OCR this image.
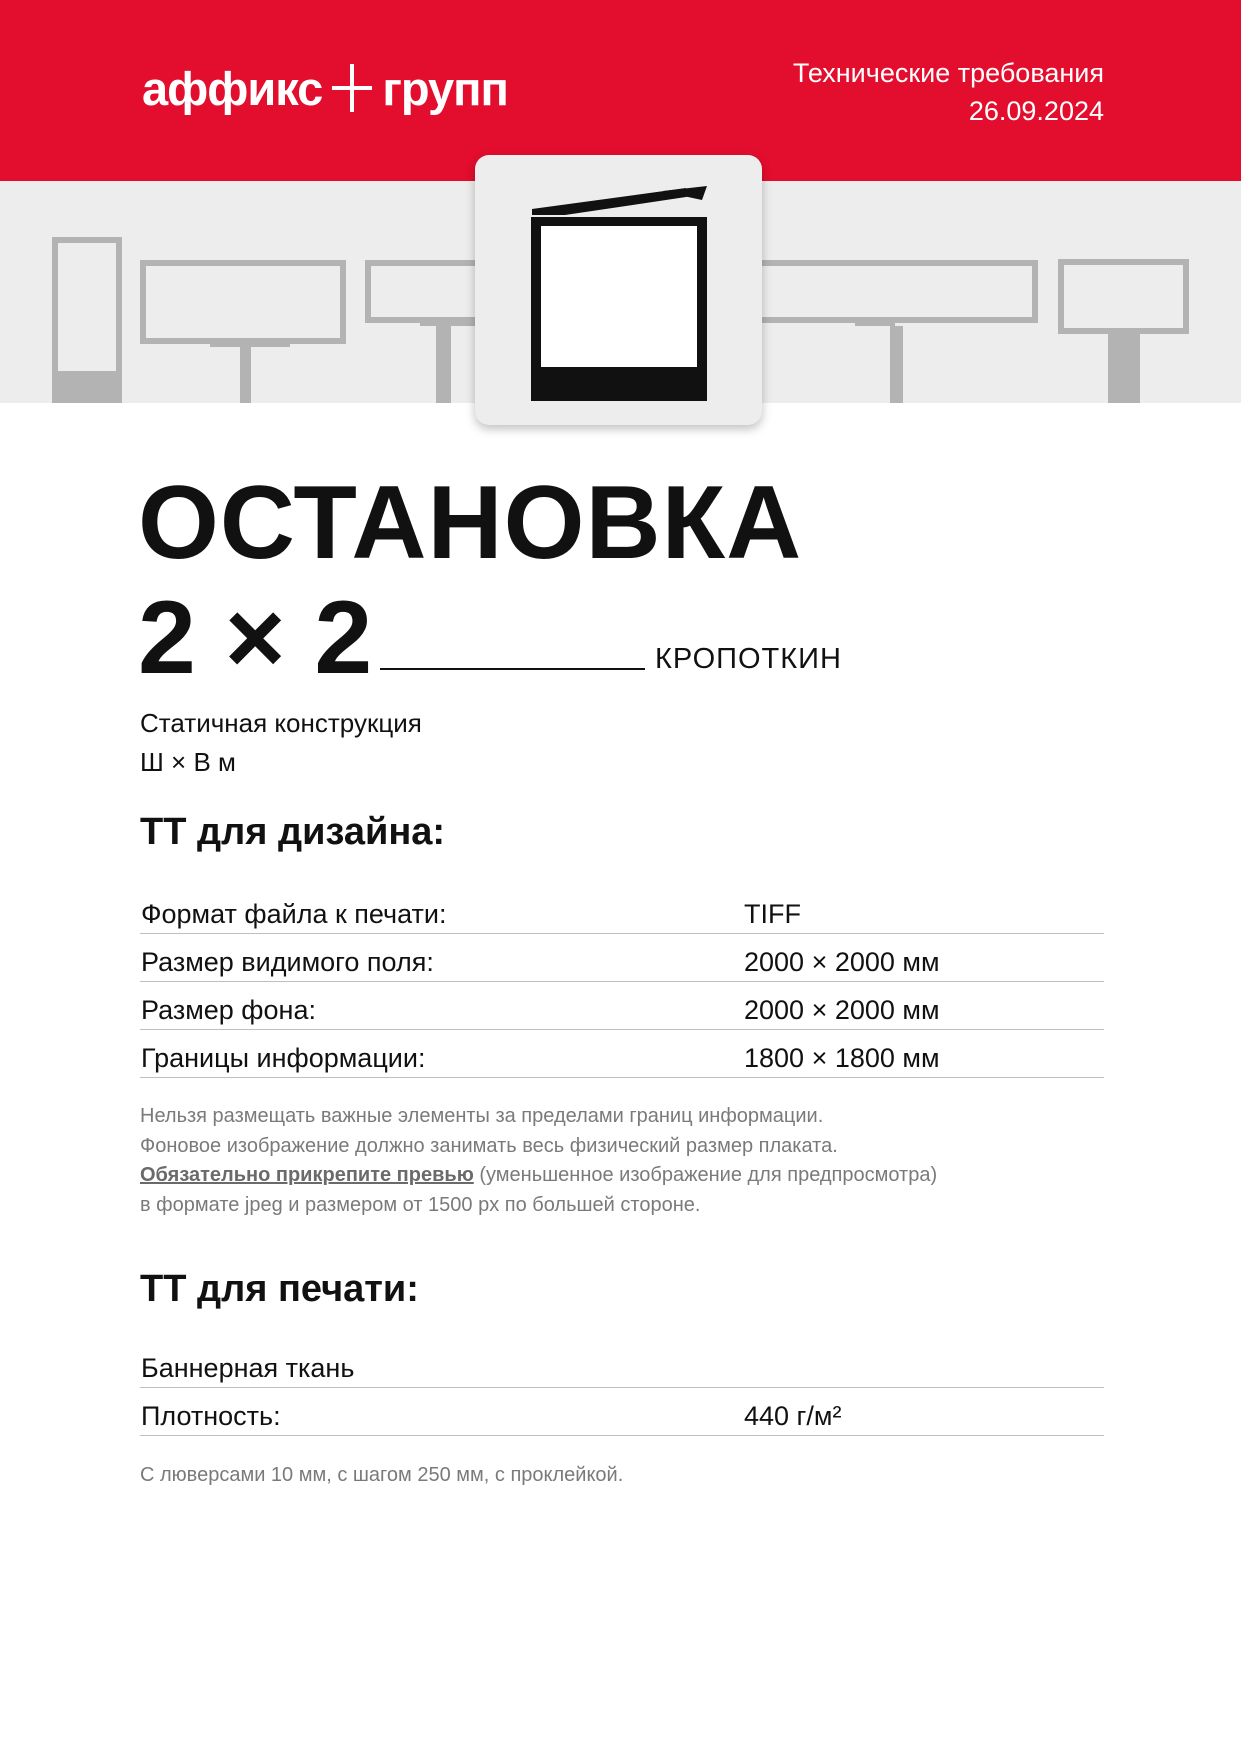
аффикс групп	Технические требования
26.09.2024
ОСТАНОВКА
2 × 2	КРОПОТКИН
Статичная конструкция
Ш × В м
ТТ для дизайна:
Формат файла к печати:	TIFF
Размер видимого поля:	2000 × 2000 мм
Размер фона:	2000 × 2000 мм
Границы информации:	1800 × 1800 мм
Нельзя размещать важные элементы за пределами границ информации.
Фоновое изображение должно занимать весь физический размер плаката.
Обязательно прикрепите превью (уменьшенное изображение для предпросмотра)
в формате jpeg и размером от 1500 px по большей стороне.
ТТ для печати:
Баннерная ткань
Плотность:	440 г/м²
С люверсами 10 мм, с шагом 250 мм, с проклейкой.
